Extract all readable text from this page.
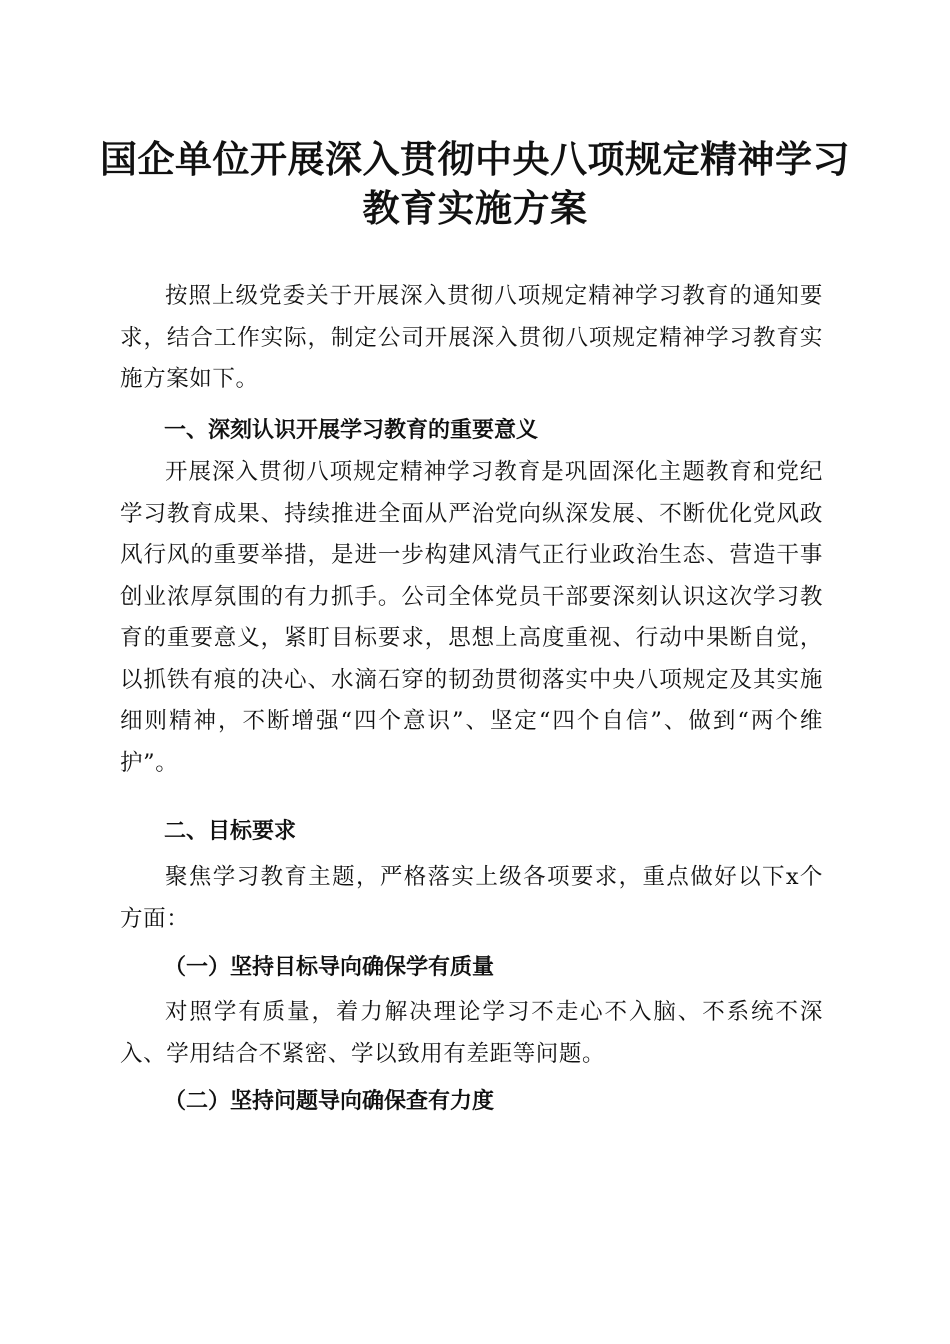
国企单位开展深入贯彻中央八项规定精神学习
教育实施方案

按照上级党委关于开展深入贯彻八项规定精神学习教育的通知要求，结合工作实际，制定公司开展深入贯彻八项规定精神学习教育实施方案如下。

一、深刻认识开展学习教育的重要意义

开展深入贯彻八项规定精神学习教育是巩固深化主题教育和党纪学习教育成果、持续推进全面从严治党向纵深发展、不断优化党风政风行风的重要举措，是进一步构建风清气正行业政治生态、营造干事创业浓厚氛围的有力抓手。公司全体党员干部要深刻认识这次学习教育的重要意义，紧盯目标要求，思想上高度重视、行动中果断自觉，以抓铁有痕的决心、水滴石穿的韧劲贯彻落实中央八项规定及其实施细则精神，不断增强“四个意识”、坚定“四个自信”、做到“两个维护”。

二、目标要求

聚焦学习教育主题，严格落实上级各项要求，重点做好以下x个方面：

（一）坚持目标导向确保学有质量

对照学有质量，着力解决理论学习不走心不入脑、不系统不深入、学用结合不紧密、学以致用有差距等问题。

（二）坚持问题导向确保查有力度
